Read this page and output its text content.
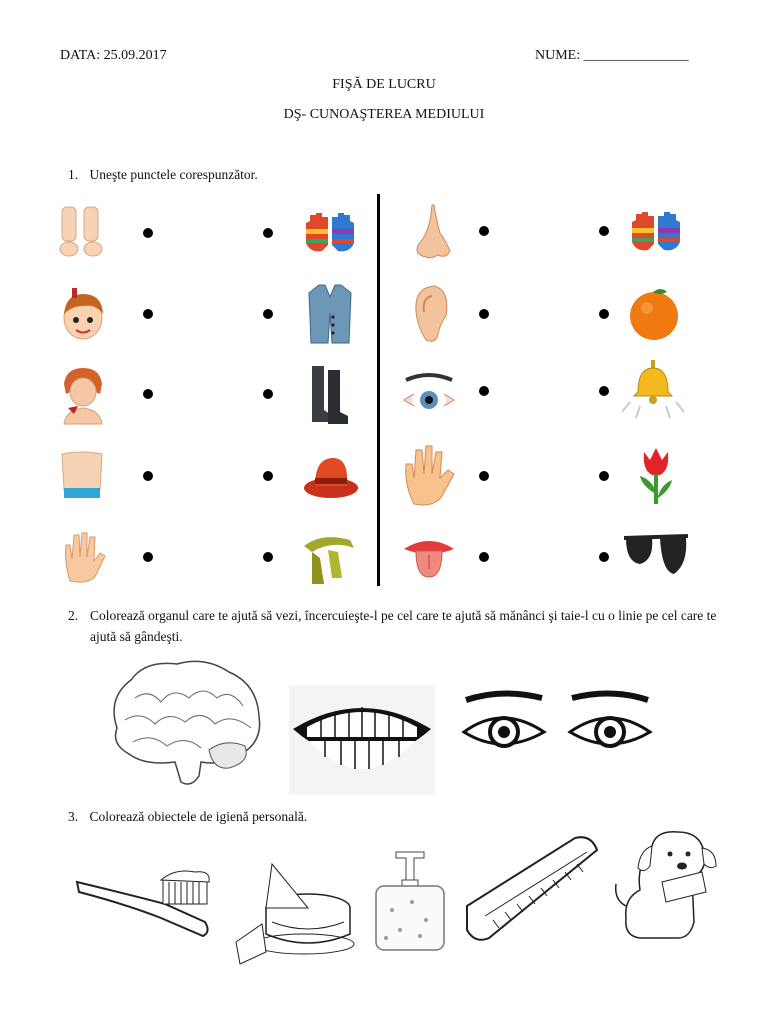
DATA: 25.09.2017	NUME: _______________
FIŞĂ DE LUCRU
DŞ- CUNOAŞTEREA MEDIULUI
1. Uneşte punctele corespunzător.
2. Colorează organul care te ajută să vezi, încercuieşte-l pe cel care te ajută să mănânci şi taie-l cu o linie pe cel care te ajută să gândeşti.
3. Colorează obiectele de igienă personală.
